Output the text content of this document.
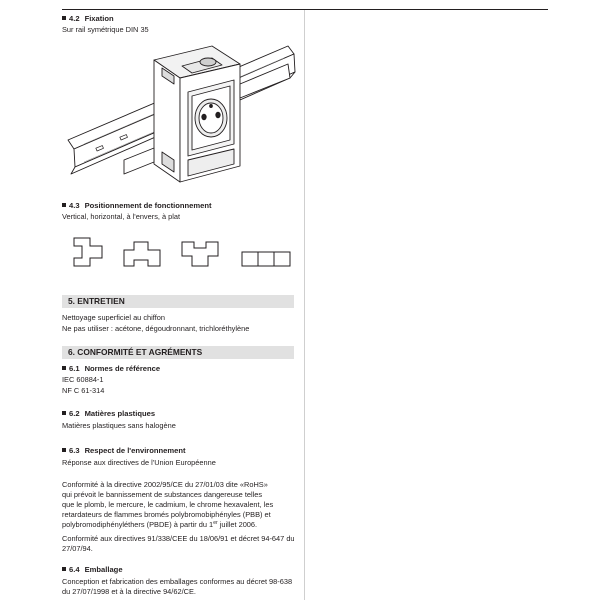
4.2 Fixation
Sur rail symétrique DIN 35
4.3 Positionnement de fonctionnement
Vertical, horizontal, à l'envers, à plat
5. ENTRETIEN
Nettoyage superficiel au chiffon
Ne pas utiliser : acétone, dégoudronnant, trichloréthylène
6. CONFORMITÉ ET AGRÉMENTS
6.1 Normes de référence
IEC 60884-1
NF C 61-314
6.2 Matières plastiques
Matières plastiques sans halogène
6.3 Respect de l'environnement
Réponse aux directives de l'Union Européenne
Conformité à la directive 2002/95/CE du 27/01/03 dite «RoHS»
qui prévoit le bannissement de substances dangereuse telles
que le plomb, le mercure, le cadmium, le chrome hexavalent, les
retardateurs de flammes bromés polybromobiphényles (PBB) et
polybromodiphényléthers (PBDE) à partir du 1er juillet 2006.
Conformité aux directives 91/338/CEE du 18/06/91 et décret 94-647 du
27/07/94.
6.4 Emballage
Conception et fabrication des emballages conformes au décret 98-638
du 27/07/1998 et à la directive 94/62/CE.
